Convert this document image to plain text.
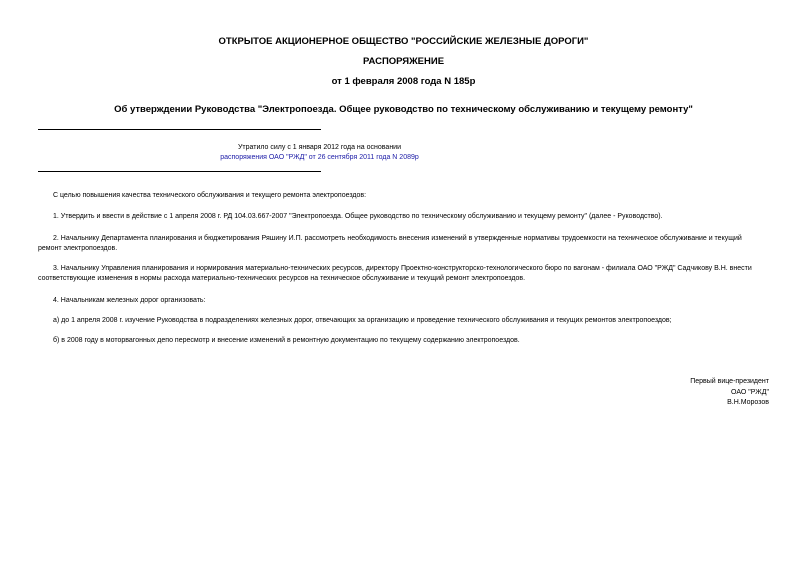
ОТКРЫТОЕ АКЦИОНЕРНОЕ ОБЩЕСТВО "РОССИЙСКИЕ ЖЕЛЕЗНЫЕ ДОРОГИ"
РАСПОРЯЖЕНИЕ
от 1 февраля 2008 года N 185р
Об утверждении Руководства "Электропоезда. Общее руководство по техническому обслуживанию и текущему ремонту"
Утратило силу с 1 января 2012 года на основании
распоряжения ОАО "РЖД" от 26 сентября 2011 года N 2089р
С целью повышения качества технического обслуживания и текущего ремонта электропоездов:
1. Утвердить и ввести в действие с 1 апреля 2008 г. РД 104.03.667-2007 "Электропоезда. Общее руководство по техническому обслуживанию и текущему ремонту" (далее - Руководство).
2. Начальнику Департамента планирования и бюджетирования Ряшину И.П. рассмотреть необходимость внесения изменений в утвержденные нормативы трудоемкости на техническое обслуживание и текущий
ремонт электропоездов.
3. Начальнику Управления планирования и нормирования материально-технических ресурсов, директору Проектно-конструкторско-технологического бюро по вагонам - филиала ОАО "РЖД" Садчикову В.Н. внести
соответствующие изменения в нормы расхода материально-технических ресурсов на техническое обслуживание и текущий ремонт электропоездов.
4. Начальникам железных дорог организовать:
а) до 1 апреля 2008 г. изучение Руководства в подразделениях железных дорог, отвечающих за организацию и проведение технического обслуживания и текущих ремонтов электропоездов;
б) в 2008 году в моторвагонных депо пересмотр и внесение изменений в ремонтную документацию по текущему содержанию электропоездов.
Первый вице-президент
ОАО "РЖД"
В.Н.Морозов
